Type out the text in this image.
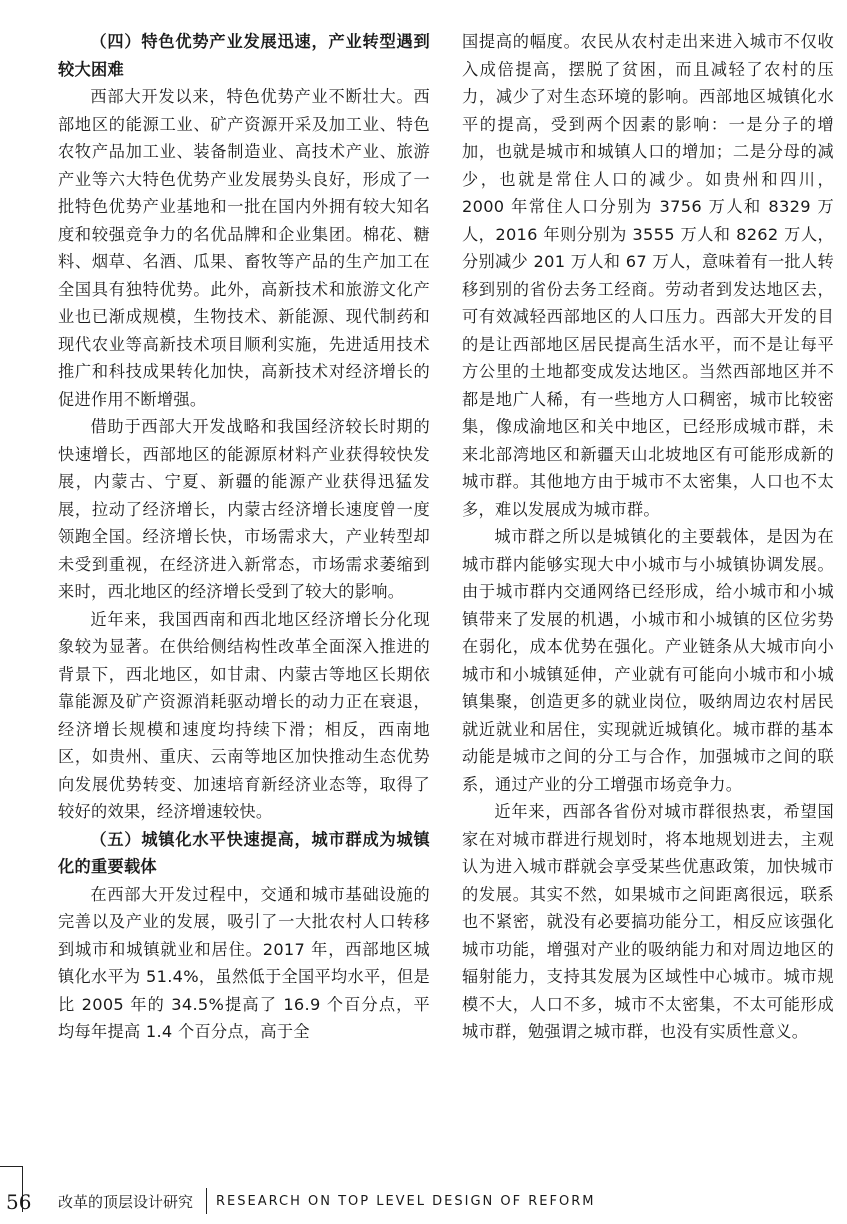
（四）特色优势产业发展迅速，产业转型遇到较大困难

西部大开发以来，特色优势产业不断壮大。西部地区的能源工业、矿产资源开采及加工业、特色农牧产品加工业、装备制造业、高技术产业、旅游产业等六大特色优势产业发展势头良好，形成了一批特色优势产业基地和一批在国内外拥有较大知名度和较强竞争力的名优品牌和企业集团。棉花、糖料、烟草、名酒、瓜果、畜牧等产品的生产加工在全国具有独特优势。此外，高新技术和旅游文化产业也已渐成规模，生物技术、新能源、现代制药和现代农业等高新技术项目顺利实施，先进适用技术推广和科技成果转化加快，高新技术对经济增长的促进作用不断增强。

借助于西部大开发战略和我国经济较长时期的快速增长，西部地区的能源原材料产业获得较快发展，内蒙古、宁夏、新疆的能源产业获得迅猛发展，拉动了经济增长，内蒙古经济增长速度曾一度领跑全国。经济增长快，市场需求大，产业转型却未受到重视，在经济进入新常态，市场需求萎缩到来时，西北地区的经济增长受到了较大的影响。

近年来，我国西南和西北地区经济增长分化现象较为显著。在供给侧结构性改革全面深入推进的背景下，西北地区，如甘肃、内蒙古等地区长期依靠能源及矿产资源消耗驱动增长的动力正在衰退，经济增长规模和速度均持续下滑；相反，西南地区，如贵州、重庆、云南等地区加快推动生态优势向发展优势转变、加速培育新经济业态等，取得了较好的效果，经济增速较快。

（五）城镇化水平快速提高，城市群成为城镇化的重要载体

在西部大开发过程中，交通和城市基础设施的完善以及产业的发展，吸引了一大批农村人口转移到城市和城镇就业和居住。2017 年，西部地区城镇化水平为 51.4%，虽然低于全国平均水平，但是比 2005 年的 34.5%提高了 16.9 个百分点，平均每年提高 1.4 个百分点，高于全

国提高的幅度。农民从农村走出来进入城市不仅收入成倍提高，摆脱了贫困，而且减轻了农村的压力，减少了对生态环境的影响。西部地区城镇化水平的提高，受到两个因素的影响：一是分子的增加，也就是城市和城镇人口的增加；二是分母的减少，也就是常住人口的减少。如贵州和四川，2000 年常住人口分别为 3756 万人和 8329 万人，2016 年则分别为 3555 万人和 8262 万人，分别减少 201 万人和 67 万人，意味着有一批人转移到别的省份去务工经商。劳动者到发达地区去，可有效减轻西部地区的人口压力。西部大开发的目的是让西部地区居民提高生活水平，而不是让每平方公里的土地都变成发达地区。当然西部地区并不都是地广人稀，有一些地方人口稠密，城市比较密集，像成渝地区和关中地区，已经形成城市群，未来北部湾地区和新疆天山北坡地区有可能形成新的城市群。其他地方由于城市不太密集，人口也不太多，难以发展成为城市群。

城市群之所以是城镇化的主要载体，是因为在城市群内能够实现大中小城市与小城镇协调发展。由于城市群内交通网络已经形成，给小城市和小城镇带来了发展的机遇，小城市和小城镇的区位劣势在弱化，成本优势在强化。产业链条从大城市向小城市和小城镇延伸，产业就有可能向小城市和小城镇集聚，创造更多的就业岗位，吸纳周边农村居民就近就业和居住，实现就近城镇化。城市群的基本动能是城市之间的分工与合作，加强城市之间的联系，通过产业的分工增强市场竞争力。

近年来，西部各省份对城市群很热衷，希望国家在对城市群进行规划时，将本地规划进去，主观认为进入城市群就会享受某些优惠政策，加快城市的发展。其实不然，如果城市之间距离很远，联系也不紧密，就没有必要搞功能分工，相反应该强化城市功能，增强对产业的吸纳能力和对周边地区的辐射能力，支持其发展为区域性中心城市。城市规模不大，人口不多，城市不太密集，不太可能形成城市群，勉强谓之城市群，也没有实质性意义。

56 改革的顶层设计研究 RESEARCH ON TOP LEVEL DESIGN OF REFORM
